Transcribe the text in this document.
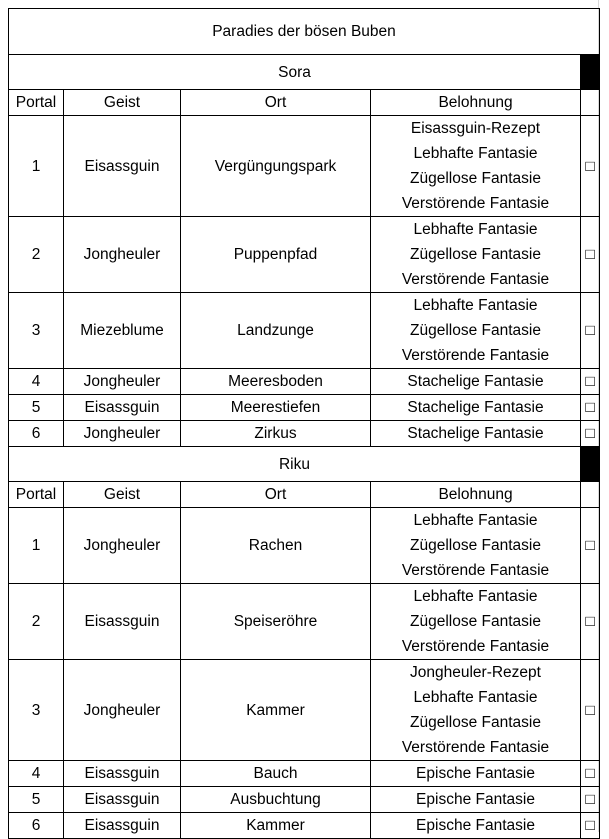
Paradies der bösen Buben				
Sora				
Portal	Geist	Ort	Belohnung	
1	Eisassguin	Vergüngungspark	Eisassguin-Rezept
Lebhafte Fantasie
Zügellose Fantasie
Verstörende Fantasie	□
2	Jongheuler	Puppenpfad	Lebhafte Fantasie
Zügellose Fantasie
Verstörende Fantasie	□
3	Miezeblume	Landzunge	Lebhafte Fantasie
Zügellose Fantasie
Verstörende Fantasie	□
4	Jongheuler	Meeresboden	Stachelige Fantasie	□
5	Eisassguin	Meerestiefen	Stachelige Fantasie	□
6	Jongheuler	Zirkus	Stachelige Fantasie	□
Riku				
Portal	Geist	Ort	Belohnung	
1	Jongheuler	Rachen	Lebhafte Fantasie
Zügellose Fantasie
Verstörende Fantasie	□
2	Eisassguin	Speiseröhre	Lebhafte Fantasie
Zügellose Fantasie
Verstörende Fantasie	□
3	Jongheuler	Kammer	Jongheuler-Rezept
Lebhafte Fantasie
Zügellose Fantasie
Verstörende Fantasie	□
4	Eisassguin	Bauch	Epische Fantasie	□
5	Eisassguin	Ausbuchtung	Epische Fantasie	□
6	Eisassguin	Kammer	Epische Fantasie	□
